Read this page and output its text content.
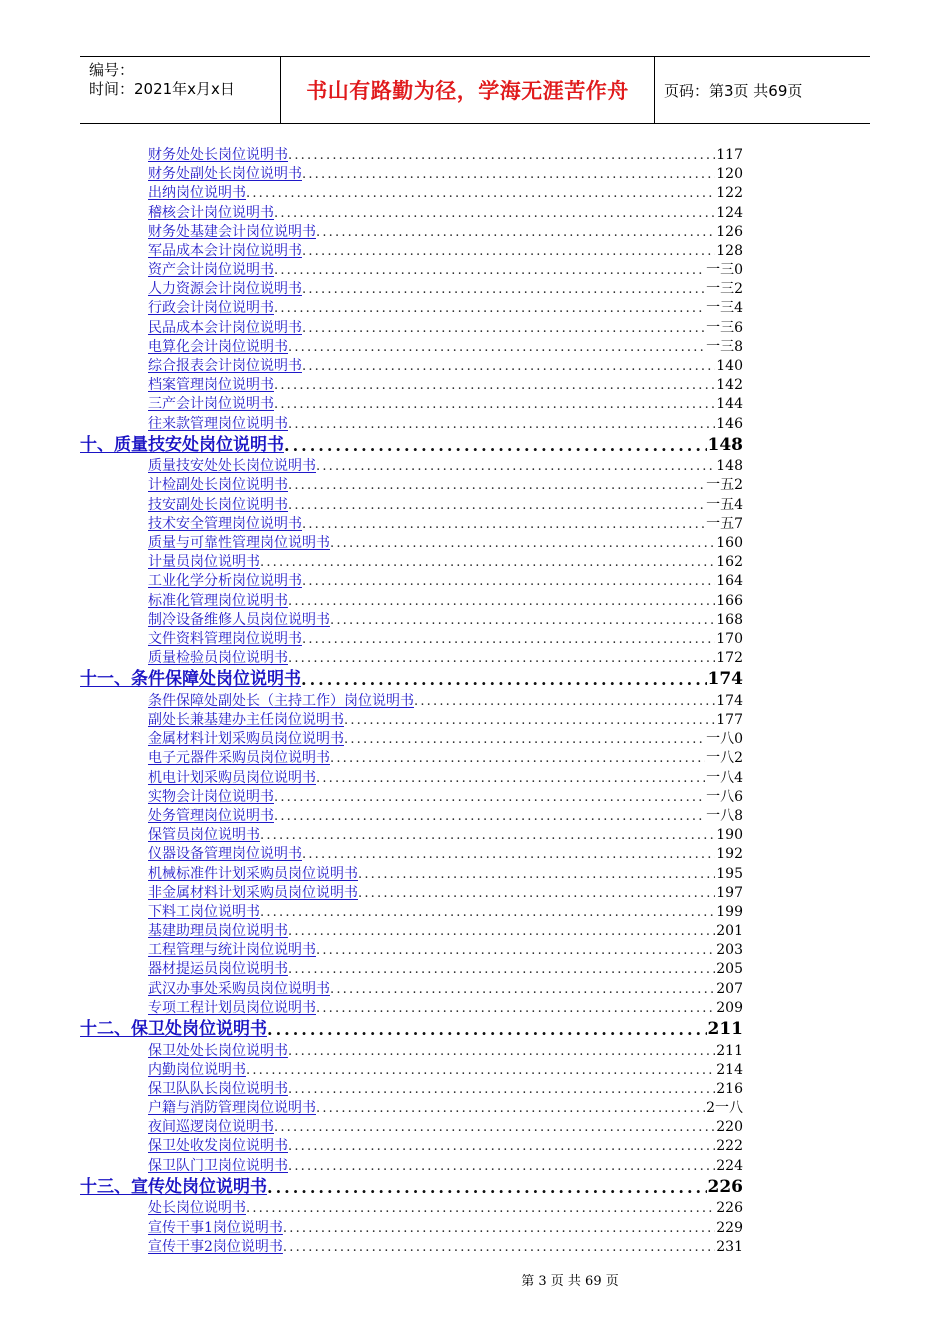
编号：
时间：2021年x月x日	书山有路勤为径，学海无涯苦作舟	页码：第3页 共69页
财务处处长岗位说明书 .....	117
财务处副处长岗位说明书 .....	120
出纳岗位说明书 .....	122
稽核会计岗位说明书 .....	124
财务处基建会计岗位说明书 .....	126
军品成本会计岗位说明书 .....	128
资产会计岗位说明书 .....	一三0
人力资源会计岗位说明书 .....	一三2
行政会计岗位说明书 .....	一三4
民品成本会计岗位说明书 .....	一三6
电算化会计岗位说明书 .....	一三8
综合报表会计岗位说明书 .....	140
档案管理岗位说明书 .....	142
三产会计岗位说明书 .....	144
往来款管理岗位说明书 .....	146
十、质量技安处岗位说明书 .....	148
质量技安处处长岗位说明书 .....	148
计检副处长岗位说明书 .....	一五2
技安副处长岗位说明书 .....	一五4
技术安全管理岗位说明书 .....	一五7
质量与可靠性管理岗位说明书 .....	160
计量员岗位说明书 .....	162
工业化学分析岗位说明书 .....	164
标准化管理岗位说明书 .....	166
制冷设备维修人员岗位说明书 .....	168
文件资料管理岗位说明书 .....	170
质量检验员岗位说明书 .....	172
十一、条件保障处岗位说明书 .....	174
条件保障处副处长（主持工作）岗位说明书 .....	174
副处长兼基建办主任岗位说明书 .....	177
金属材料计划采购员岗位说明书 .....	一八0
电子元器件采购员岗位说明书 .....	一八2
机电计划采购员岗位说明书 .....	一八4
实物会计岗位说明书 .....	一八6
处务管理岗位说明书 .....	一八8
保管员岗位说明书 .....	190
仪器设备管理岗位说明书 .....	192
机械标准件计划采购员岗位说明书 .....	195
非金属材料计划采购员岗位说明书 .....	197
下料工岗位说明书 .....	199
基建助理员岗位说明书 .....	201
工程管理与统计岗位说明书 .....	203
器材提运员岗位说明书 .....	205
武汉办事处采购员岗位说明书 .....	207
专项工程计划员岗位说明书 .....	209
十二、保卫处岗位说明书 .....	211
保卫处处长岗位说明书 .....	211
内勤岗位说明书 .....	214
保卫队队长岗位说明书 .....	216
户籍与消防管理岗位说明书 .....	2一八
夜间巡逻岗位说明书 .....	220
保卫处收发岗位说明书 .....	222
保卫队门卫岗位说明书 .....	224
十三、宣传处岗位说明书 .....	226
处长岗位说明书 .....	226
宣传干事1岗位说明书 .....	229
宣传干事2岗位说明书 .....	231
第 3 页 共 69 页
